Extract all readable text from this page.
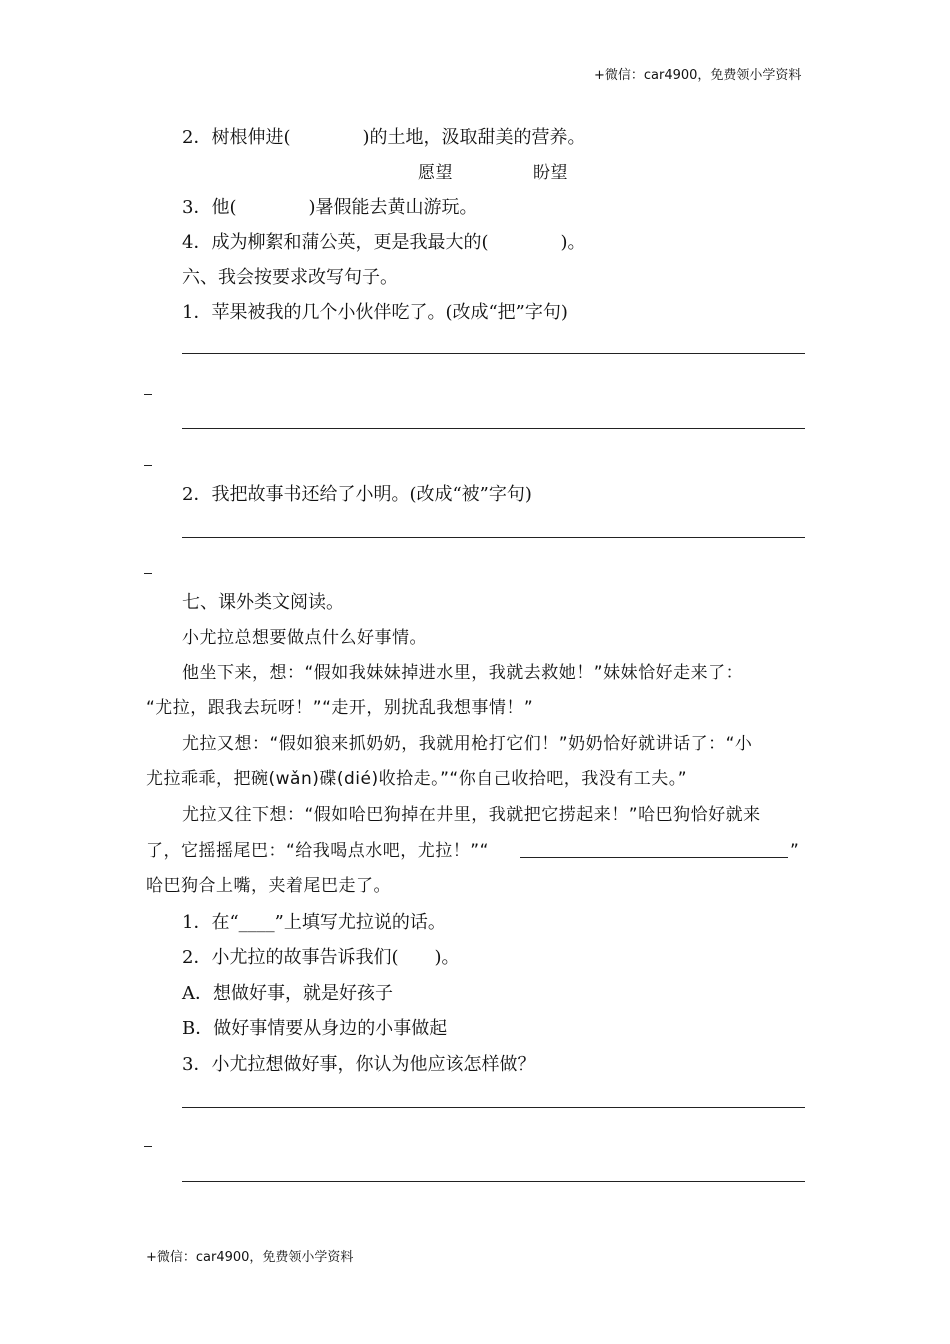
+微信：car4900，免费领小学资料
2．树根伸进(　　　　)的土地，汲取甜美的营养。
愿望	盼望
3．他(　　　　)暑假能去黄山游玩。
4．成为柳絮和蒲公英，更是我最大的(　　　　)。
六、我会按要求改写句子。
1．苹果被我的几个小伙伴吃了。(改成“把”字句)
2．我把故事书还给了小明。(改成“被”字句)
七、课外类文阅读。
小尤拉总想要做点什么好事情。
他坐下来，想：“假如我妹妹掉进水里，我就去救她！”妹妹恰好走来了：
“尤拉，跟我去玩呀！”“走开，别扰乱我想事情！”
尤拉又想：“假如狼来抓奶奶，我就用枪打它们！”奶奶恰好就讲话了：“小
尤拉乖乖，把碗(wǎn)碟(dié)收拾走。”“你自己收拾吧，我没有工夫。”
尤拉又往下想：“假如哈巴狗掉在井里，我就把它捞起来！”哈巴狗恰好就来
了，它摇摇尾巴：“给我喝点水吧，尤拉！”“	”
哈巴狗合上嘴，夹着尾巴走了。
1．在“____”上填写尤拉说的话。
2．小尤拉的故事告诉我们(　　)。
A．想做好事，就是好孩子
B．做好事情要从身边的小事做起
3．小尤拉想做好事，你认为他应该怎样做？
+微信：car4900，免费领小学资料
